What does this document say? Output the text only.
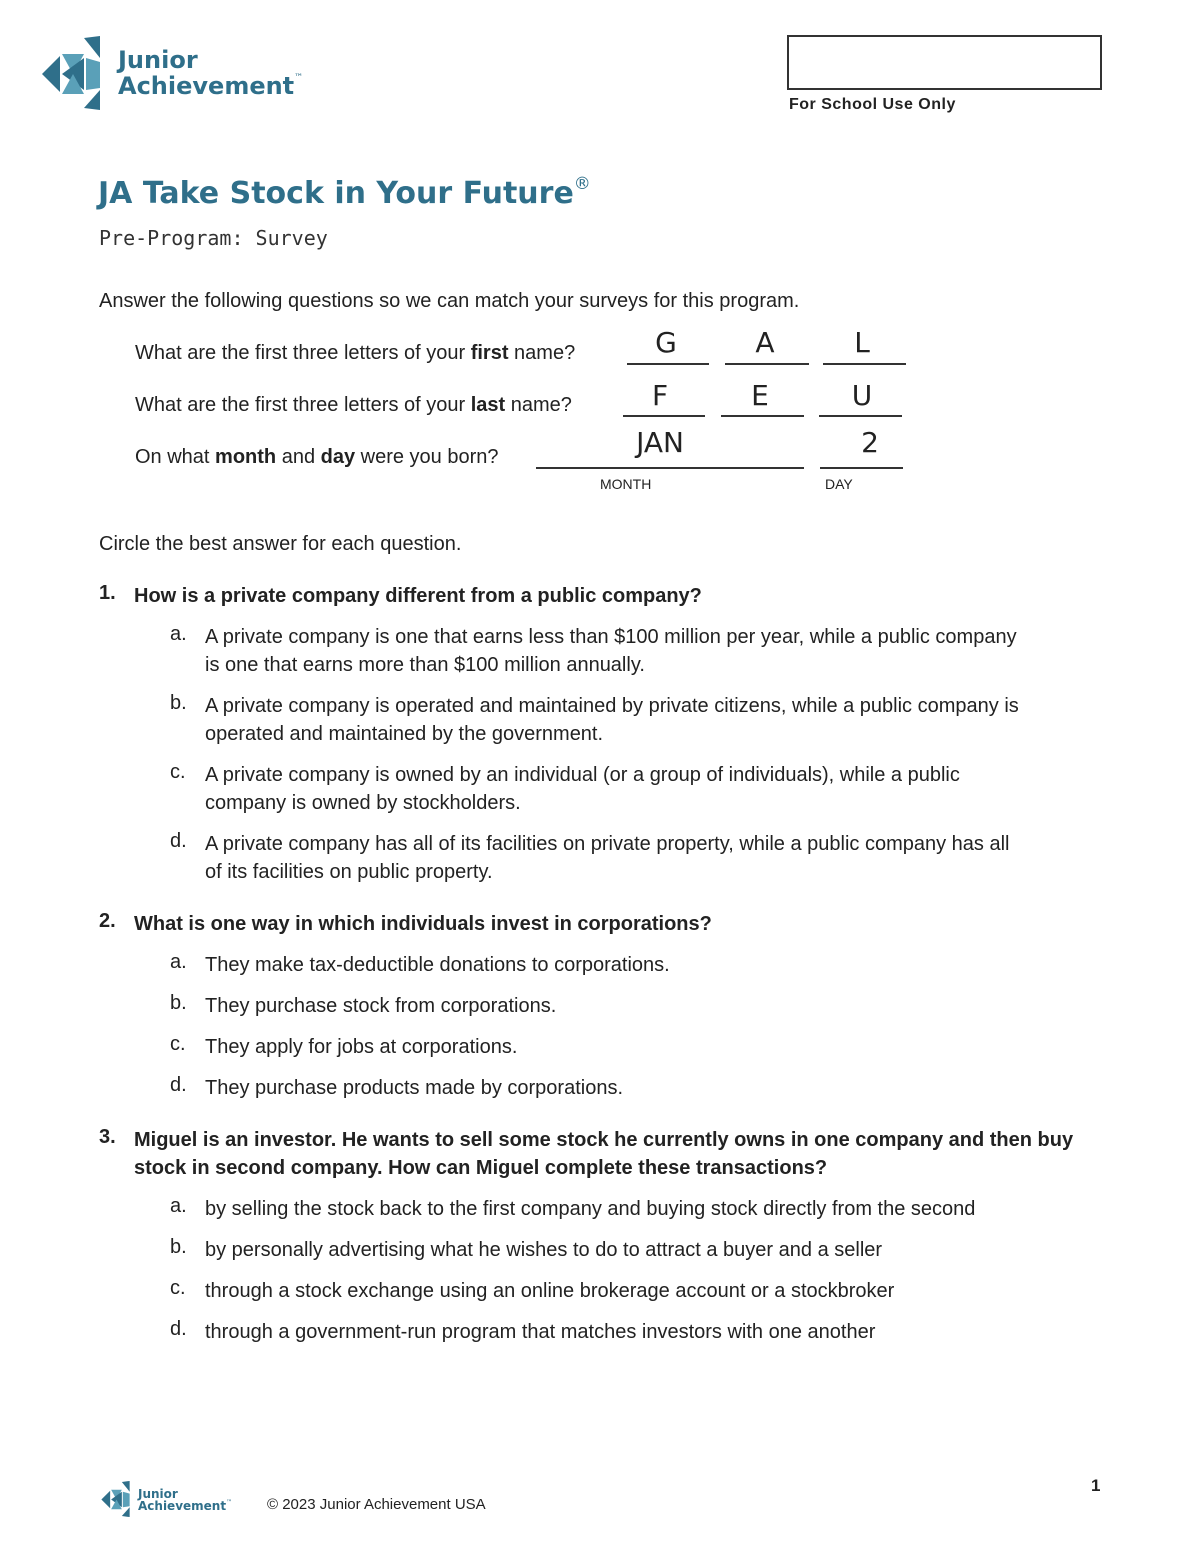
Junior
Achievement™
For School Use Only
JA Take Stock in Your Future®
Pre-Program: Survey
Answer the following questions so we can match your surveys for this program.
What are the first three letters of your first name?	G	A	L
What are the first three letters of your last name?	F	E	U
On what month and day were you born?	JAN	2
MONTH	DAY
Circle the best answer for each question.
1. How is a private company different from a public company?
a. A private company is one that earns less than $100 million per year, while a public company
is one that earns more than $100 million annually.
b. A private company is operated and maintained by private citizens, while a public company is
operated and maintained by the government.
c. A private company is owned by an individual (or a group of individuals), while a public
company is owned by stockholders.
d. A private company has all of its facilities on private property, while a public company has all
of its facilities on public property.
2. What is one way in which individuals invest in corporations?
a. They make tax-deductible donations to corporations.
b. They purchase stock from corporations.
c. They apply for jobs at corporations.
d. They purchase products made by corporations.
3. Miguel is an investor. He wants to sell some stock he currently owns in one company and then buy
stock in second company. How can Miguel complete these transactions?
a. by selling the stock back to the first company and buying stock directly from the second
b. by personally advertising what he wishes to do to attract a buyer and a seller
c. through a stock exchange using an online brokerage account or a stockbroker
d. through a government-run program that matches investors with one another
Junior
Achievement™ © 2023 Junior Achievement USA
1
